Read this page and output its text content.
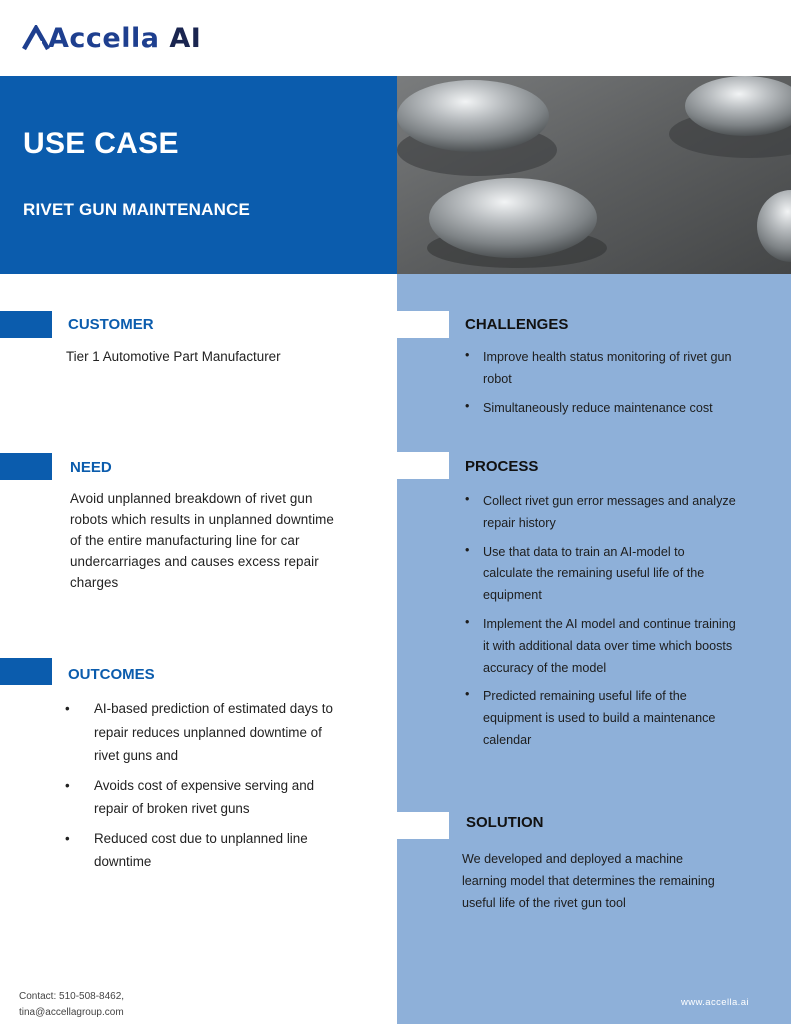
Accella AI
USE CASE
RIVET GUN MAINTENANCE
CUSTOMER
Tier 1 Automotive Part Manufacturer
NEED
Avoid unplanned breakdown of rivet gun
robots which results in unplanned downtime
of the entire manufacturing line for car
undercarriages and causes excess repair
charges
OUTCOMES
• AI-based prediction of estimated days to
repair reduces unplanned downtime of
rivet guns and
• Avoids cost of expensive serving and
repair of broken rivet guns
• Reduced cost due to unplanned line
downtime
CHALLENGES
• Improve health status monitoring of rivet gun
robot
• Simultaneously reduce maintenance cost
PROCESS
• Collect rivet gun error messages and analyze
repair history
• Use that data to train an AI-model to
calculate the remaining useful life of the
equipment
• Implement the AI model and continue training
it with additional data over time which boosts
accuracy of the model
• Predicted remaining useful life of the
equipment is used to build a maintenance
calendar
SOLUTION
We developed and deployed a machine
learning model that determines the remaining
useful life of the rivet gun tool
Contact: 510-508-8462,
tina@accellagroup.com
www.accella.ai
